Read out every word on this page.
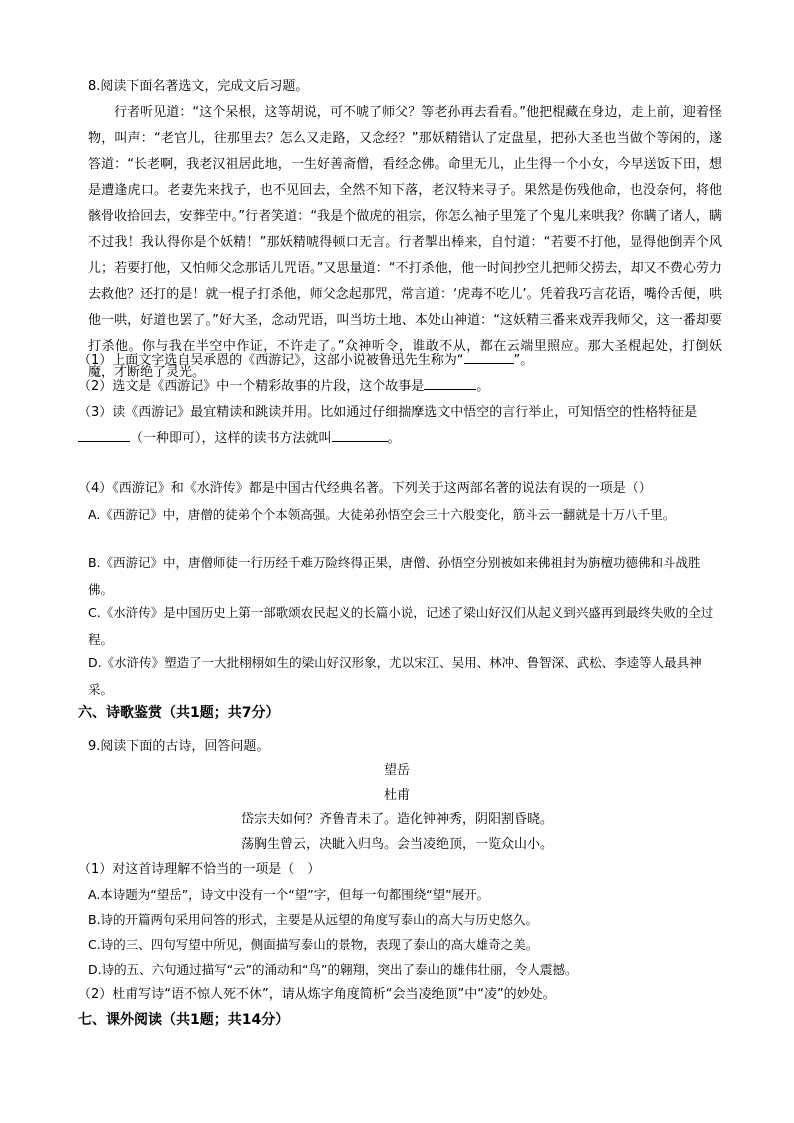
8.阅读下面名著选文，完成文后习题。

行者听见道：“这个呆根，这等胡说，可不唬了师父？等老孙再去看看。”他把棍藏在身边，走上前，迎着怪物，叫声：“老官儿，往那里去？怎么又走路，又念经？”那妖精错认了定盘星，把孙大圣也当做个等闲的，遂答道：“长老啊，我老汉祖居此地，一生好善斋僧，看经念佛。命里无儿，止生得一个小女，今早送饭下田，想是遭逢虎口。老妻先来找子，也不见回去，全然不知下落，老汉特来寻子。果然是伤残他命，也没奈何，将他骸骨收拾回去，安葬茔中。”行者笑道：“我是个做虎的祖宗，你怎么袖子里笼了个鬼儿来哄我？你瞒了诸人，瞒不过我！我认得你是个妖精！”那妖精唬得顿口无言。行者掣出棒来，自忖道：“若要不打他，显得他倒弄个风儿；若要打他，又怕师父念那话儿咒语。”又思量道：“不打杀他，他一时间抄空儿把师父捞去，却又不费心劳力去救他？还打的是！就一棍子打杀他，师父念起那咒，常言道：‘虎毒不吃儿’。凭着我巧言花语，嘴伶舌便，哄他一哄，好道也罢了。”好大圣，念动咒语，叫当坊土地、本处山神道：“这妖精三番来戏弄我师父，这一番却要打杀他。你与我在半空中作证，不许走了。”众神听令，谁敢不从，都在云端里照应。那大圣棍起处，打倒妖魔，才断绝了灵光。

（1）上面文字选自吴承恩的《西游记》，这部小说被鲁迅先生称为“	”。

（2）选文是《西游记》中一个精彩故事的片段，这个故事是	。

（3）读《西游记》最宜精读和跳读并用。比如通过仔细揣摩选文中悟空的言行举止，可知悟空的性格特征是（一种即可），这样的读书方法就叫	。

（4）《西游记》和《水浒传》都是中国古代经典名著。下列关于这两部名著的说法有误的一项是（）

A.《西游记》中，唐僧的徒弟个个本领高强。大徒弟孙悟空会三十六般变化，筋斗云一翻就是十万八千里。

B.《西游记》中，唐僧师徒一行历经千难万险终得正果，唐僧、孙悟空分别被如来佛祖封为旃檀功德佛和斗战胜佛。

C.《水浒传》是中国历史上第一部歌颂农民起义的长篇小说，记述了梁山好汉们从起义到兴盛再到最终失败的全过程。

D.《水浒传》塑造了一大批栩栩如生的梁山好汉形象，尤以宋江、吴用、林冲、鲁智深、武松、李逵等人最具神采。

六、诗歌鉴赏（共1题；共7分）
9.阅读下面的古诗，回答问题。
望岳
杜甫
岱宗夫如何？齐鲁青未了。造化钟神秀，阴阳割昏晓。
荡胸生曾云，决眦入归鸟。会当凌绝顶，一览众山小。

（1）对这首诗理解不恰当的一项是（　）

A.本诗题为“望岳”，诗文中没有一个“望”字，但每一句都围绕“望”展开。

B.诗的开篇两句采用问答的形式，主要是从远望的角度写泰山的高大与历史悠久。

C.诗的三、四句写望中所见，侧面描写泰山的景物，表现了泰山的高大雄奇之美。

D.诗的五、六句通过描写“云”的涌动和“鸟”的翱翔，突出了泰山的雄伟壮丽，令人震撼。

（2）杜甫写诗“语不惊人死不休”，请从炼字角度简析“会当凌绝顶”中“凌”的妙处。

七、课外阅读（共1题；共14分）
